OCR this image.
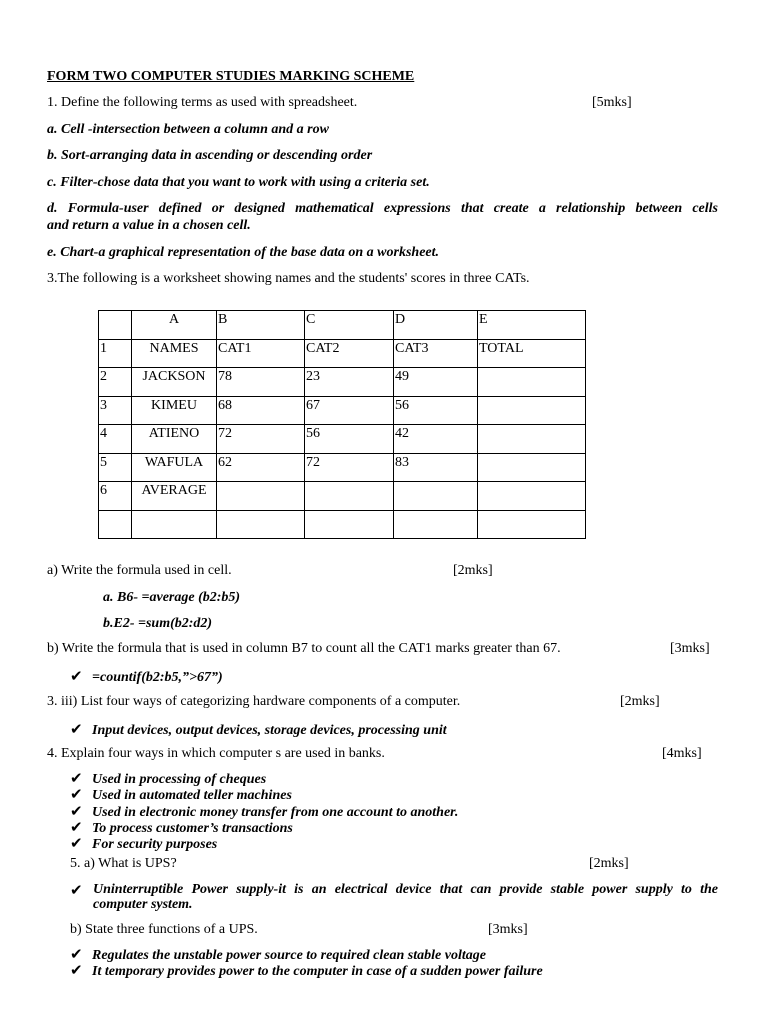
FORM TWO COMPUTER STUDIES MARKING SCHEME
1. Define the following terms as used with spreadsheet.	[5mks]
a. Cell -intersection between a column and a row
b. Sort-arranging data in ascending or descending order
c. Filter-chose data that you want to work with using a criteria set.
d. Formula-user defined or designed mathematical expressions that create a relationship between cells
and return a value in a chosen cell.
e. Chart-a graphical representation of the base data on a worksheet.
3.The following is a worksheet showing names and the students' scores in three CATs.
	A	B	C	D	E
1	NAMES	CAT1	CAT2	CAT3	TOTAL
2	JACKSON	78	23	49	
3	KIMEU	68	67	56	
4	ATIENO	72	56	42	
5	WAFULA	62	72	83	
6	AVERAGE				

a) Write the formula used in cell.	[2mks]
a. B6- =average (b2:b5)
b.E2- =sum(b2:d2)
b) Write the formula that is used in column B7 to count all the CAT1 marks greater than 67.	[3mks]
✔ =countif(b2:b5,”>67”)
3. iii) List four ways of categorizing hardware components of a computer.	[2mks]
✔ Input devices, output devices, storage devices, processing unit
4. Explain four ways in which computer s are used in banks.	[4mks]
✔ Used in processing of cheques
✔ Used in automated teller machines
✔ Used in electronic money transfer from one account to another.
✔ To process customer’s transactions
✔ For security purposes
5. a) What is UPS?	[2mks]
✔ Uninterruptible Power supply-it is an electrical device that can provide stable power supply to the
computer system.
b) State three functions of a UPS.	[3mks]
✔ Regulates the unstable power source to required clean stable voltage
✔ It temporary provides power to the computer in case of a sudden power failure
